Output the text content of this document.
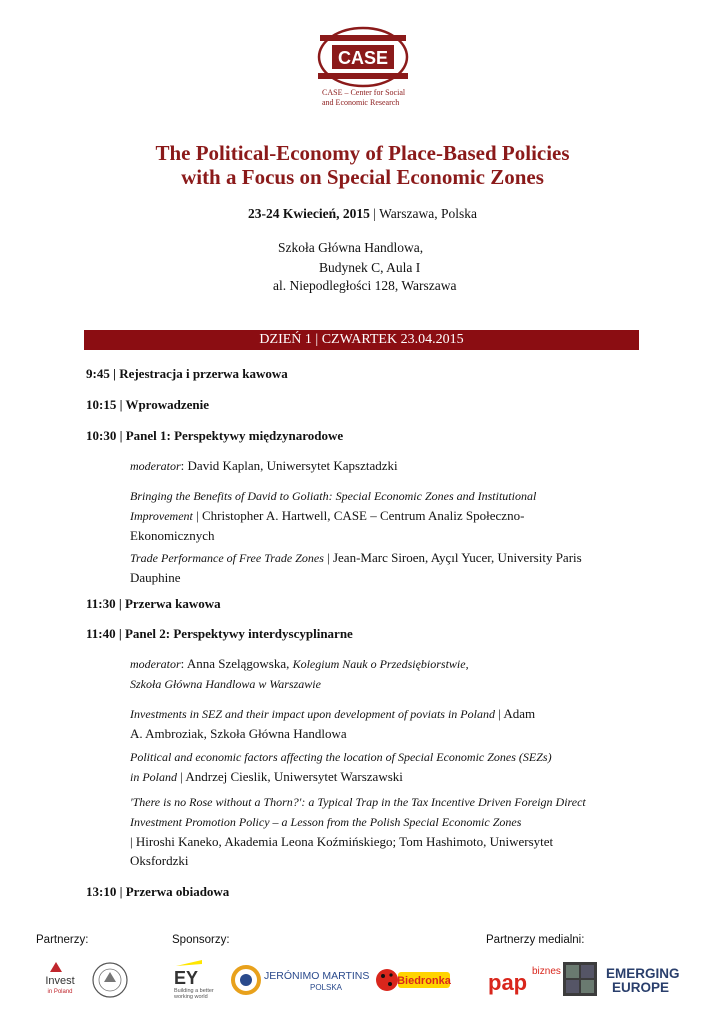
CASE
CASE – Center for Social
and Economic Research
The Political-Economy of Place-Based Policies
with a Focus on Special Economic Zones
23-24 Kwiecień, 2015 | Warszawa, Polska
Szkoła Główna Handlowa,
Budynek C, Aula I
al. Niepodległości 128, Warszawa
DZIEŃ 1 | CZWARTEK 23.04.2015
9:45 | Rejestracja i przerwa kawowa
10:15 | Wprowadzenie
10:30 | Panel 1: Perspektywy międzynarodowe
moderator: David Kaplan, Uniwersytet Kapsztadzki
Bringing the Benefits of David to Goliath: Special Economic Zones and Institutional
Improvement | Christopher A. Hartwell, CASE – Centrum Analiz Społeczno-
Ekonomicznych
Trade Performance of Free Trade Zones | Jean-Marc Siroen, Ayçıl Yucer, University Paris
Dauphine
11:30 | Przerwa kawowa
11:40 | Panel 2: Perspektywy interdyscyplinarne
moderator: Anna Szelągowska, Kolegium Nauk o Przedsiębiorstwie,
Szkoła Główna Handlowa w Warszawie
Investments in SEZ and their impact upon development of poviats in Poland | Adam
A. Ambroziak, Szkoła Główna Handlowa
Political and economic factors affecting the location of Special Economic Zones (SEZs)
in Poland | Andrzej Cieslik, Uniwersytet Warszawski
'There is no Rose without a Thorn?': a Typical Trap in the Tax Incentive Driven Foreign Direct
Investment Promotion Policy – a Lesson from the Polish Special Economic Zones
| Hiroshi Kaneko, Akademia Leona Koźmińskiego; Tom Hashimoto, Uniwersytet
Oksfordzki
13:10 | Przerwa obiadowa
Partnerzy:	Sponsorzy:	Partnerzy medialni:
Invest
in Poland
EY
Building a better
working world
JERÓNIMO MARTINS
POLSKA
Biedronka pap biznes	EMERGING
EUROPE
